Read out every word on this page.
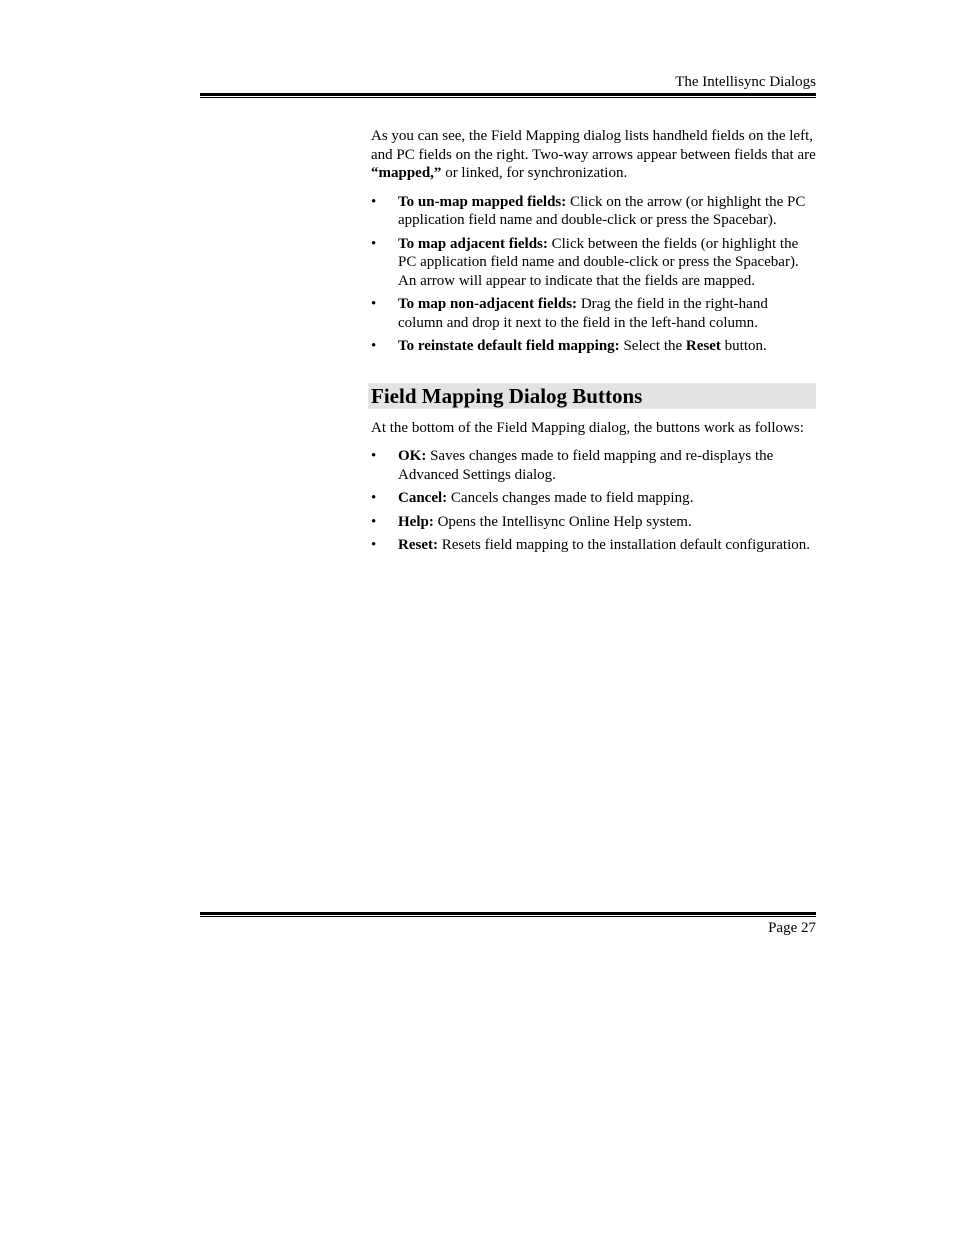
The Intellisync Dialogs

As you can see, the Field Mapping dialog lists handheld fields on the left, and PC fields on the right. Two-way arrows appear between fields that are “mapped,” or linked, for synchronization.

• To un-map mapped fields: Click on the arrow (or highlight the PC application field name and double-click or press the Spacebar).
• To map adjacent fields: Click between the fields (or highlight the PC application field name and double-click or press the Spacebar). An arrow will appear to indicate that the fields are mapped.
• To map non-adjacent fields: Drag the field in the right-hand column and drop it next to the field in the left-hand column.
• To reinstate default field mapping: Select the Reset button.
Field Mapping Dialog Buttons

At the bottom of the Field Mapping dialog, the buttons work as follows:

• OK: Saves changes made to field mapping and re-displays the Advanced Settings dialog.
• Cancel: Cancels changes made to field mapping.
• Help: Opens the Intellisync Online Help system.
• Reset: Resets field mapping to the installation default configuration.
Page 27
